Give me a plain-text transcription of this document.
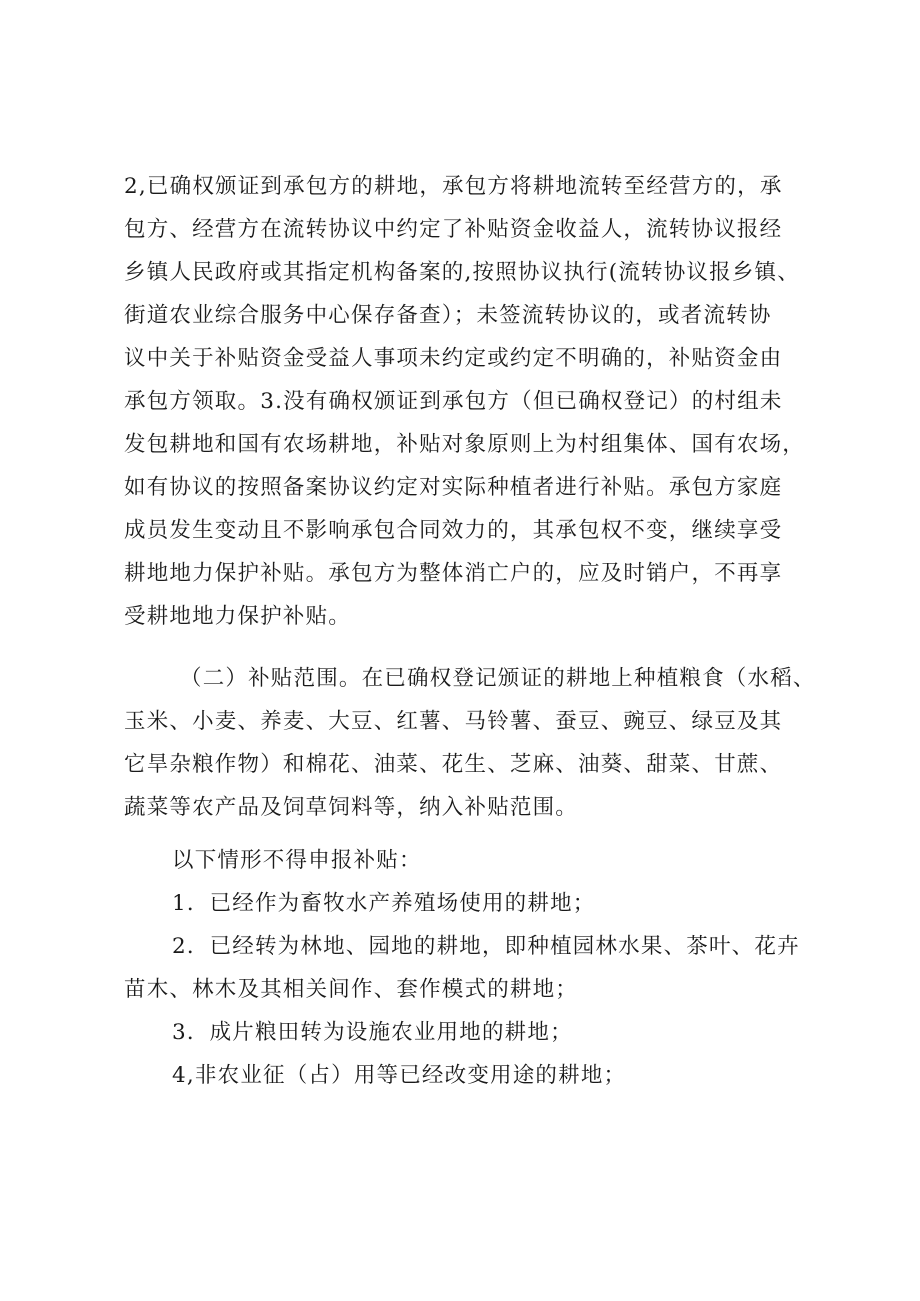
2,已确权颁证到承包方的耕地，承包方将耕地流转至经营方的，承
包方、经营方在流转协议中约定了补贴资金收益人，流转协议报经
乡镇人民政府或其指定机构备案的,按照协议执行(流转协议报乡镇、
街道农业综合服务中心保存备查）；未签流转协议的，或者流转协
议中关于补贴资金受益人事项未约定或约定不明确的，补贴资金由
承包方领取。3.没有确权颁证到承包方（但已确权登记）的村组未
发包耕地和国有农场耕地，补贴对象原则上为村组集体、国有农场，
如有协议的按照备案协议约定对实际种植者进行补贴。承包方家庭
成员发生变动且不影响承包合同效力的，其承包权不变，继续享受
耕地地力保护补贴。承包方为整体消亡户的，应及时销户，不再享
受耕地地力保护补贴。
（二）补贴范围。在已确权登记颁证的耕地上种植粮食（水稻、
玉米、小麦、养麦、大豆、红薯、马铃薯、蚕豆、豌豆、绿豆及其
它旱杂粮作物）和棉花、油菜、花生、芝麻、油葵、甜菜、甘蔗、
蔬菜等农产品及饲草饲料等，纳入补贴范围。
以下情形不得申报补贴：
1．已经作为畜牧水产养殖场使用的耕地；
2．已经转为林地、园地的耕地，即种植园林水果、茶叶、花卉
苗木、林木及其相关间作、套作模式的耕地；
3．成片粮田转为设施农业用地的耕地；
4,非农业征（占）用等已经改变用途的耕地；
